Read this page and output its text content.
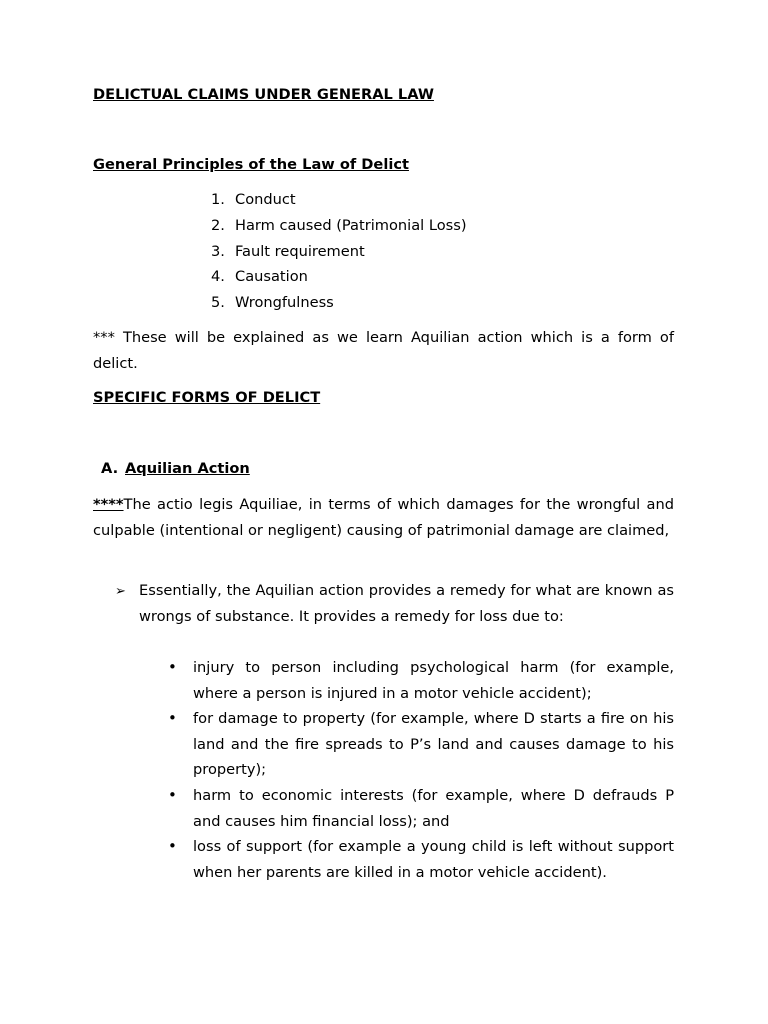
DELICTUAL CLAIMS UNDER GENERAL LAW
General Principles of the Law of Delict
1. Conduct
2. Harm caused (Patrimonial Loss)
3. Fault requirement
4. Causation
5. Wrongfulness
*** These will be explained as we learn Aquilian action which is a form of delict.
SPECIFIC FORMS OF DELICT
A. Aquilian Action
****The actio legis Aquiliae, in terms of which damages for the wrongful and culpable (intentional or negligent) causing of patrimonial damage are claimed,
➢ Essentially, the Aquilian action provides a remedy for what are known as wrongs of substance. It provides a remedy for loss due to:
• injury to person including psychological harm (for example, where a person is injured in a motor vehicle accident);
• for damage to property (for example, where D starts a fire on his land and the fire spreads to P’s land and causes damage to his property);
• harm to economic interests (for example, where D defrauds P and causes him financial loss); and
• loss of support (for example a young child is left without support when her parents are killed in a motor vehicle accident).
